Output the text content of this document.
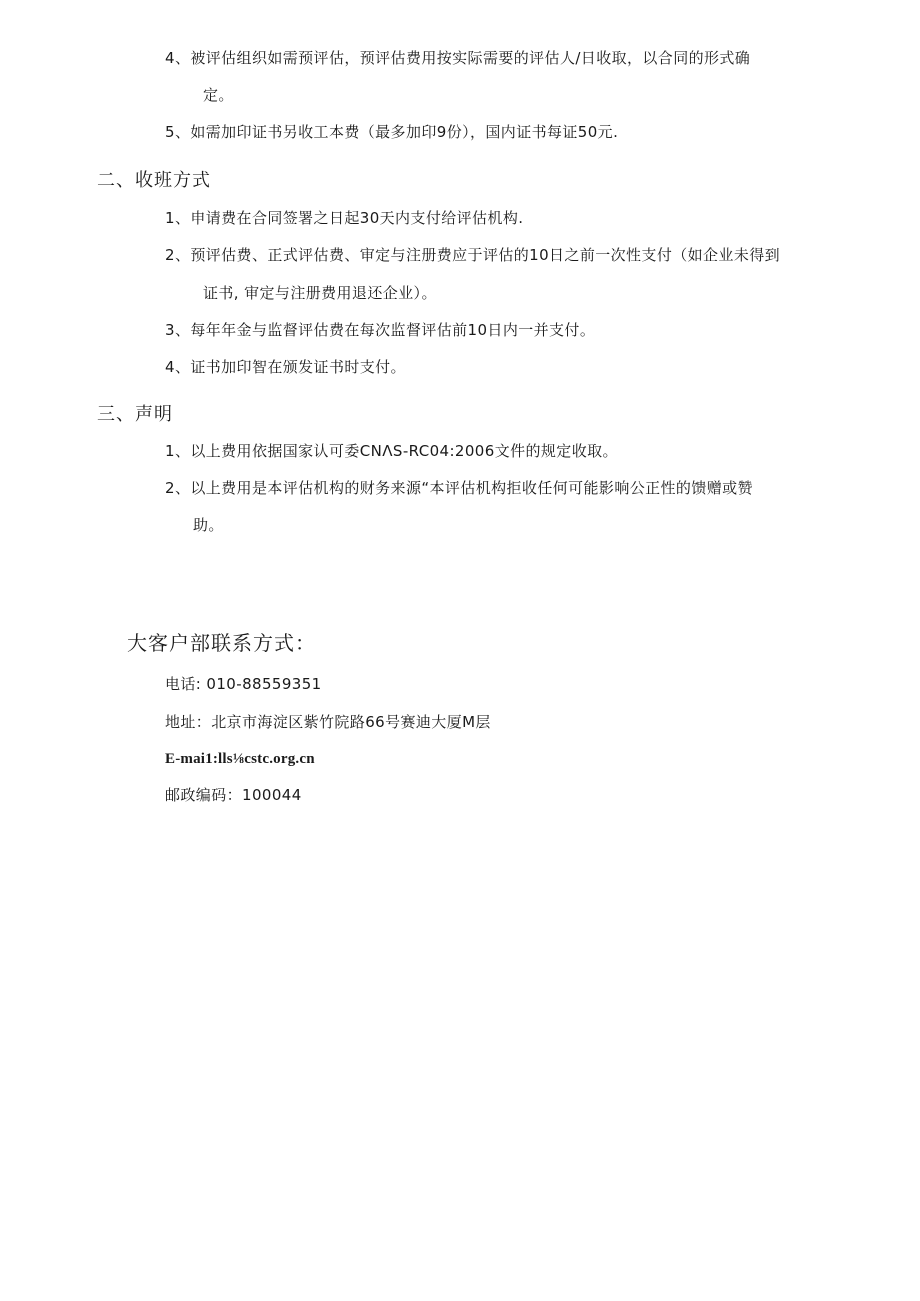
4、被评估组织如需预评估，预评估费用按实际需要的评估人/日收取，以合同的形式确
定。
5、如需加印证书另收工本费（最多加印9份），国内证书每证50元.
二、收班方式
1、申请费在合同签署之日起30天内支付给评估机构.
2、预评估费、正式评估费、审定与注册费应于评估的10日之前一次性支付（如企业未得到
证书, 审定与注册费用退还企业）。
3、每年年金与监督评估费在每次监督评估前10日内一并支付。
4、证书加印智在颁发证书时支付。
三、声明
1、以上费用依据国家认可委CNΛS-RC04:2006文件的规定收取。
2、以上费用是本评估机构的财务来源“本评估机构拒收任何可能影响公正性的馈赠或赞
助。
大客户部联系方式：
电话: 010-88559351
地址：北京市海淀区紫竹院路66号赛迪大厦M层
E-mai1:lls⅛cstc.org.cn
邮政编码：100044
